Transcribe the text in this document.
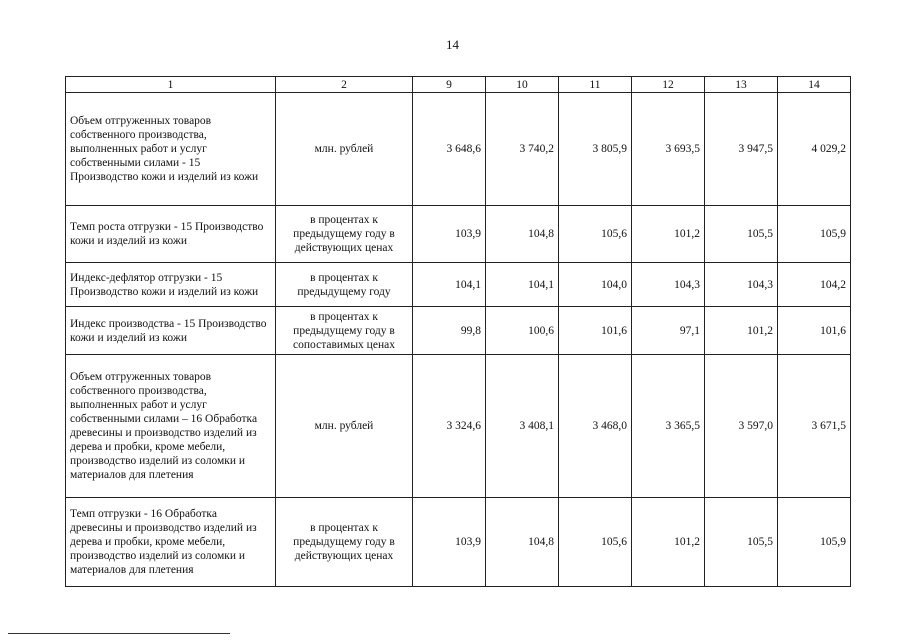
14
1	2	9	10	11	12	13	14
Объем отгруженных товаров собственного производства, выполненных работ и услуг собственными силами - 15 Производство кожи и изделий из кожи	млн. рублей	3 648,6	3 740,2	3 805,9	3 693,5	3 947,5	4 029,2
Темп роста отгрузки - 15 Производство кожи и изделий из кожи	в процентах к предыдущему году в действующих ценах	103,9	104,8	105,6	101,2	105,5	105,9
Индекс-дефлятор отгрузки - 15 Производство кожи и изделий из кожи	в процентах к предыдущему году	104,1	104,1	104,0	104,3	104,3	104,2
Индекс производства - 15 Производство кожи и изделий из кожи	в процентах к предыдущему году в сопоставимых ценах	99,8	100,6	101,6	97,1	101,2	101,6
Объем отгруженных товаров собственного производства, выполненных работ и услуг собственными силами – 16 Обработка древесины и производство изделий из дерева и пробки, кроме мебели, производство изделий из соломки и материалов для плетения	млн. рублей	3 324,6	3 408,1	3 468,0	3 365,5	3 597,0	3 671,5
Темп отгрузки - 16 Обработка древесины и производство изделий из дерева и пробки, кроме мебели, производство изделий из соломки и материалов для плетения	в процентах к предыдущему году в действующих ценах	103,9	104,8	105,6	101,2	105,5	105,9
